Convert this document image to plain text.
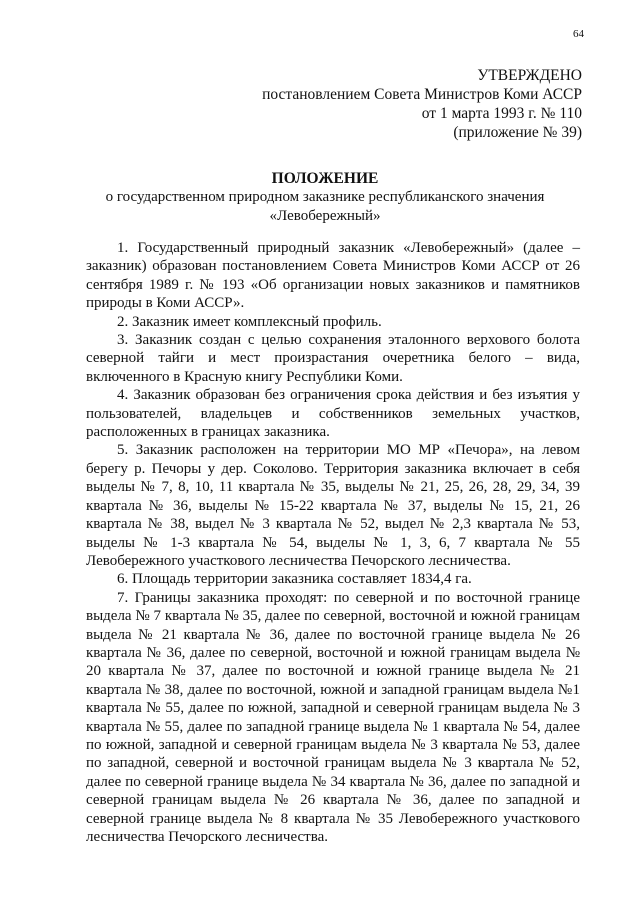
64
УТВЕРЖДЕНО
постановлением Совета Министров Коми АССР
от 1 марта 1993 г. № 110
(приложение № 39)
ПОЛОЖЕНИЕ
о государственном природном заказнике республиканского значения
«Левобережный»

1. Государственный природный заказник «Левобережный» (далее – заказник) образован постановлением Совета Министров Коми АССР от 26 сентября 1989 г. № 193 «Об организации новых заказников и памятников природы в Коми АССР».

2. Заказник имеет комплексный профиль.

3. Заказник создан с целью сохранения эталонного верхового болота северной тайги и мест произрастания очеретника белого – вида, включенного в Красную книгу Республики Коми.

4. Заказник образован без ограничения срока действия и без изъятия у пользователей, владельцев и собственников земельных участков, расположенных в границах заказника.

5. Заказник расположен на территории МО МР «Печора», на левом берегу р. Печоры у дер. Соколово. Территория заказника включает в себя выделы № 7, 8, 10, 11 квартала № 35, выделы № 21, 25, 26, 28, 29, 34, 39 квартала № 36, выделы № 15-22 квартала № 37, выделы № 15, 21, 26 квартала № 38, выдел № 3 квартала № 52, выдел № 2,3 квартала № 53, выделы № 1-3 квартала № 54, выделы № 1, 3, 6, 7 квартала № 55 Левобережного участкового лесничества Печорского лесничества.

6. Площадь территории заказника составляет 1834,4 га.

7. Границы заказника проходят: по северной и по восточной границе выдела № 7 квартала № 35, далее по северной, восточной и южной границам выдела № 21 квартала № 36, далее по восточной границе выдела № 26 квартала № 36, далее по северной, восточной и южной границам выдела № 20 квартала № 37, далее по восточной и южной границе выдела № 21 квартала № 38, далее по восточной, южной и западной границам выдела №1 квартала № 55, далее по южной, западной и северной границам выдела № 3 квартала № 55, далее по западной границе выдела № 1 квартала № 54, далее по южной, западной и северной границам выдела № 3 квартала № 53, далее по западной, северной и восточной границам выдела № 3 квартала № 52, далее по северной границе выдела № 34 квартала № 36, далее по западной и северной границам выдела № 26 квартала № 36, далее по западной и северной границе выдела № 8 квартала № 35 Левобережного участкового лесничества Печорского лесничества.
